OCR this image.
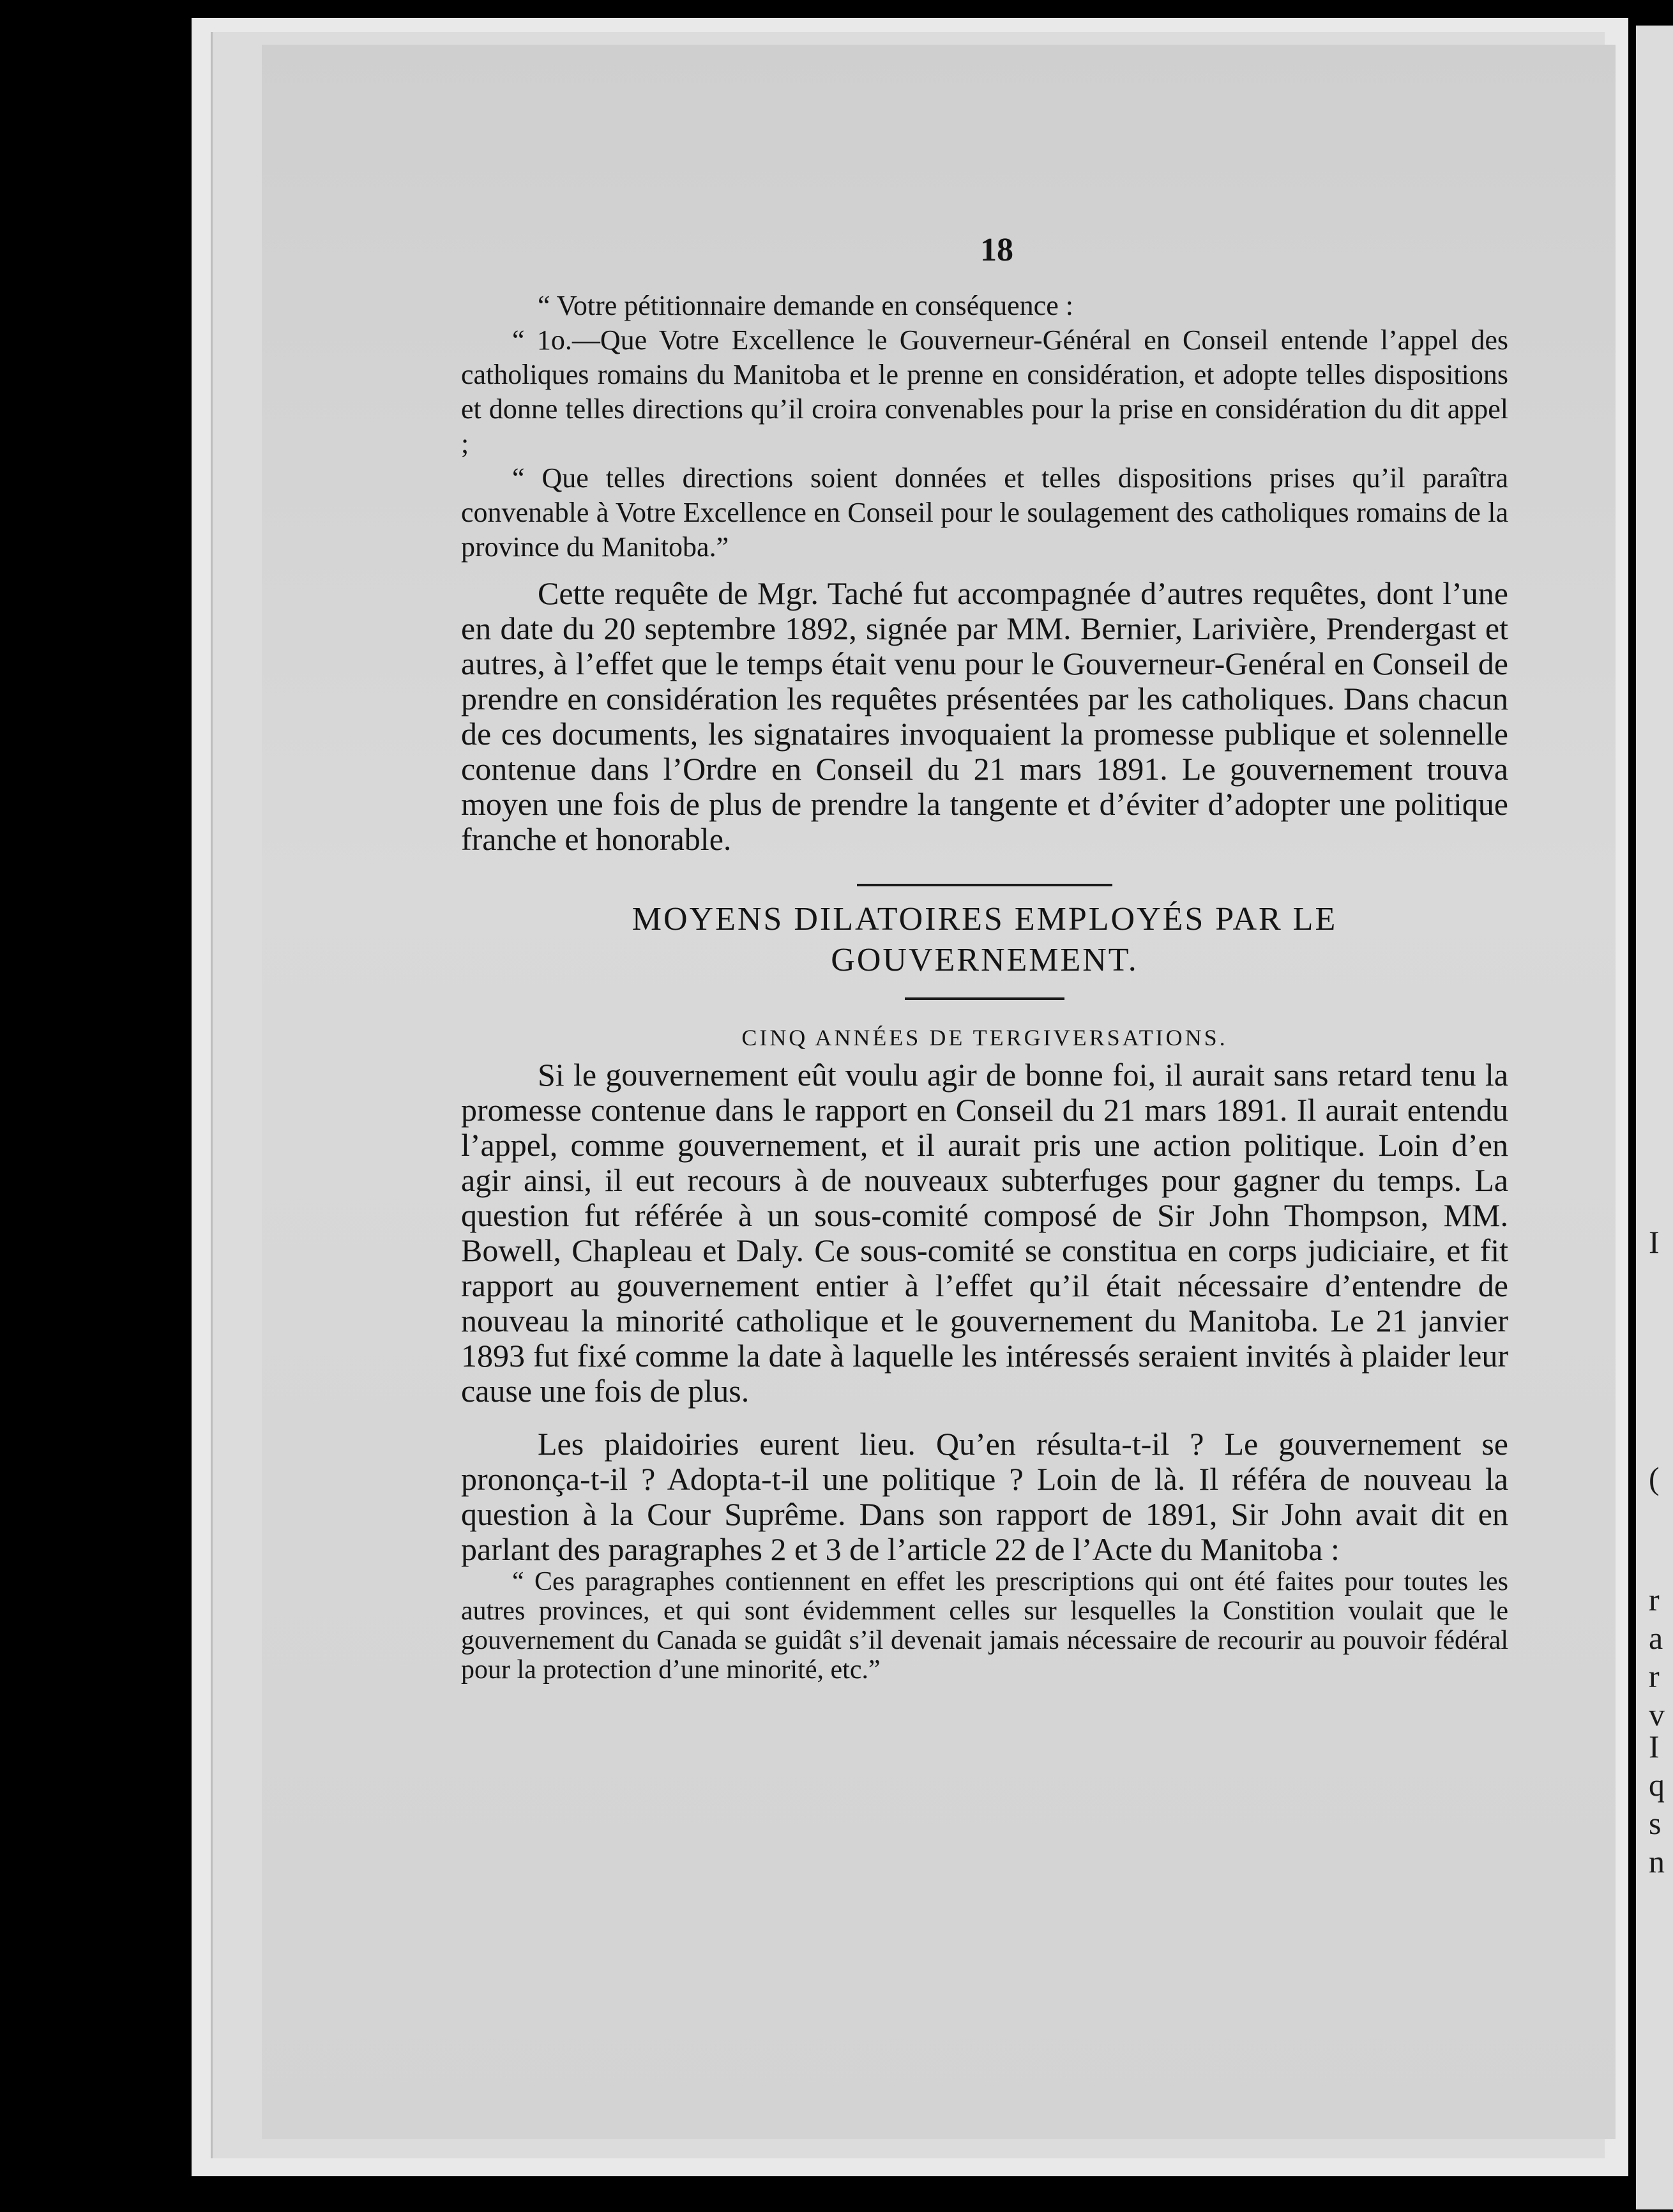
I
(
r
a
r
v
I
q
s
n
18

“ Votre pétitionnaire demande en conséquence :

“ 1o.—Que Votre Excellence le Gouverneur-Général en Conseil entende l’appel des catholiques romains du Manitoba et le prenne en considération, et adopte telles dispositions et donne telles directions qu’il croira convenables pour la prise en considération du dit appel ;

“ Que telles directions soient données et telles dispositions prises qu’il paraîtra convenable à Votre Excellence en Conseil pour le soulagement des catholiques romains de la province du Manitoba.”

Cette requête de Mgr. Taché fut accompagnée d’autres requêtes, dont l’une en date du 20 septembre 1892, signée par MM. Bernier, Larivière, Prendergast et autres, à l’effet que le temps était venu pour le Gouverneur-Genéral en Conseil de prendre en considération les requêtes présentées par les catholiques. Dans chacun de ces documents, les signataires invoquaient la promesse publique et solennelle contenue dans l’Ordre en Conseil du 21 mars 1891. Le gouvernement trouva moyen une fois de plus de prendre la tangente et d’éviter d’adopter une politique franche et honorable.

MOYENS DILATOIRES EMPLOYÉS PAR LE
GOUVERNEMENT.
CINQ ANNÉES DE TERGIVERSATIONS.

Si le gouvernement eût voulu agir de bonne foi, il aurait sans retard tenu la promesse contenue dans le rapport en Conseil du 21 mars 1891. Il aurait entendu l’appel, comme gouvernement, et il aurait pris une action politique. Loin d’en agir ainsi, il eut recours à de nouveaux subterfuges pour gagner du temps. La question fut référée à un sous-comité composé de Sir John Thompson, MM. Bowell, Chapleau et Daly. Ce sous-comité se constitua en corps judiciaire, et fit rapport au gouvernement entier à l’effet qu’il était nécessaire d’entendre de nouveau la minorité catholique et le gouvernement du Manitoba. Le 21 janvier 1893 fut fixé comme la date à laquelle les intéressés seraient invités à plaider leur cause une fois de plus.

Les plaidoiries eurent lieu. Qu’en résulta-t-il ? Le gouvernement se prononça-t-il ? Adopta-t-il une politique ? Loin de là. Il référa de nouveau la question à la Cour Suprême. Dans son rapport de 1891, Sir John avait dit en parlant des paragraphes 2 et 3 de l’article 22 de l’Acte du Manitoba :

“ Ces paragraphes contiennent en effet les prescriptions qui ont été faites pour toutes les autres provinces, et qui sont évidemment celles sur lesquelles la Constition voulait que le gouvernement du Canada se guidât s’il devenait jamais nécessaire de recourir au pouvoir fédéral pour la protection d’une minorité, etc.”
